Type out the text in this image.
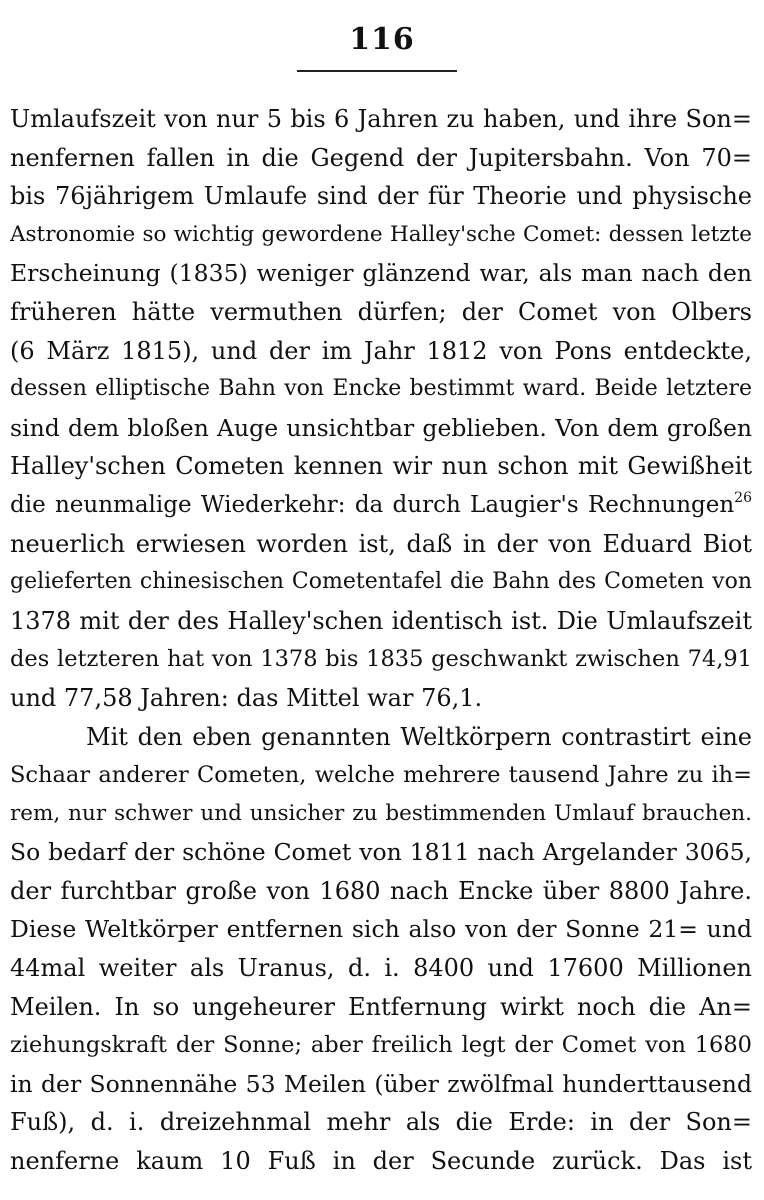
116
Umlaufszeit von nur 5 bis 6 Jahren zu haben, und ihre Son=
nenfernen fallen in die Gegend der Jupitersbahn. Von 70=
bis 76jährigem Umlaufe sind der für Theorie und physische
Astronomie so wichtig gewordene Halley'sche Comet: dessen letzte
Erscheinung (1835) weniger glänzend war, als man nach den
früheren hätte vermuthen dürfen; der Comet von Olbers
(6 März 1815), und der im Jahr 1812 von Pons entdeckte,
dessen elliptische Bahn von Encke bestimmt ward. Beide letztere
sind dem bloßen Auge unsichtbar geblieben. Von dem großen
Halley'schen Cometen kennen wir nun schon mit Gewißheit
die neunmalige Wiederkehr: da durch Laugier's Rechnungen$^{26}$
neuerlich erwiesen worden ist, daß in der von Eduard Biot
gelieferten chinesischen Cometentafel die Bahn des Cometen von
1378 mit der des Halley'schen identisch ist. Die Umlaufszeit
des letzteren hat von 1378 bis 1835 geschwankt zwischen 74,91
und 77,58 Jahren: das Mittel war 76,1.
Mit den eben genannten Weltkörpern contrastirt eine
Schaar anderer Cometen, welche mehrere tausend Jahre zu ih=
rem, nur schwer und unsicher zu bestimmenden Umlauf brauchen.
So bedarf der schöne Comet von 1811 nach Argelander 3065,
der furchtbar große von 1680 nach Encke über 8800 Jahre.
Diese Weltkörper entfernen sich also von der Sonne 21= und
44mal weiter als Uranus, d. i. 8400 und 17600 Millionen
Meilen. In so ungeheurer Entfernung wirkt noch die An=
ziehungskraft der Sonne; aber freilich legt der Comet von 1680
in der Sonnennähe 53 Meilen (über zwölfmal hunderttausend
Fuß), d. i. dreizehnmal mehr als die Erde: in der Son=
nenferne kaum 10 Fuß in der Secunde zurück. Das ist
